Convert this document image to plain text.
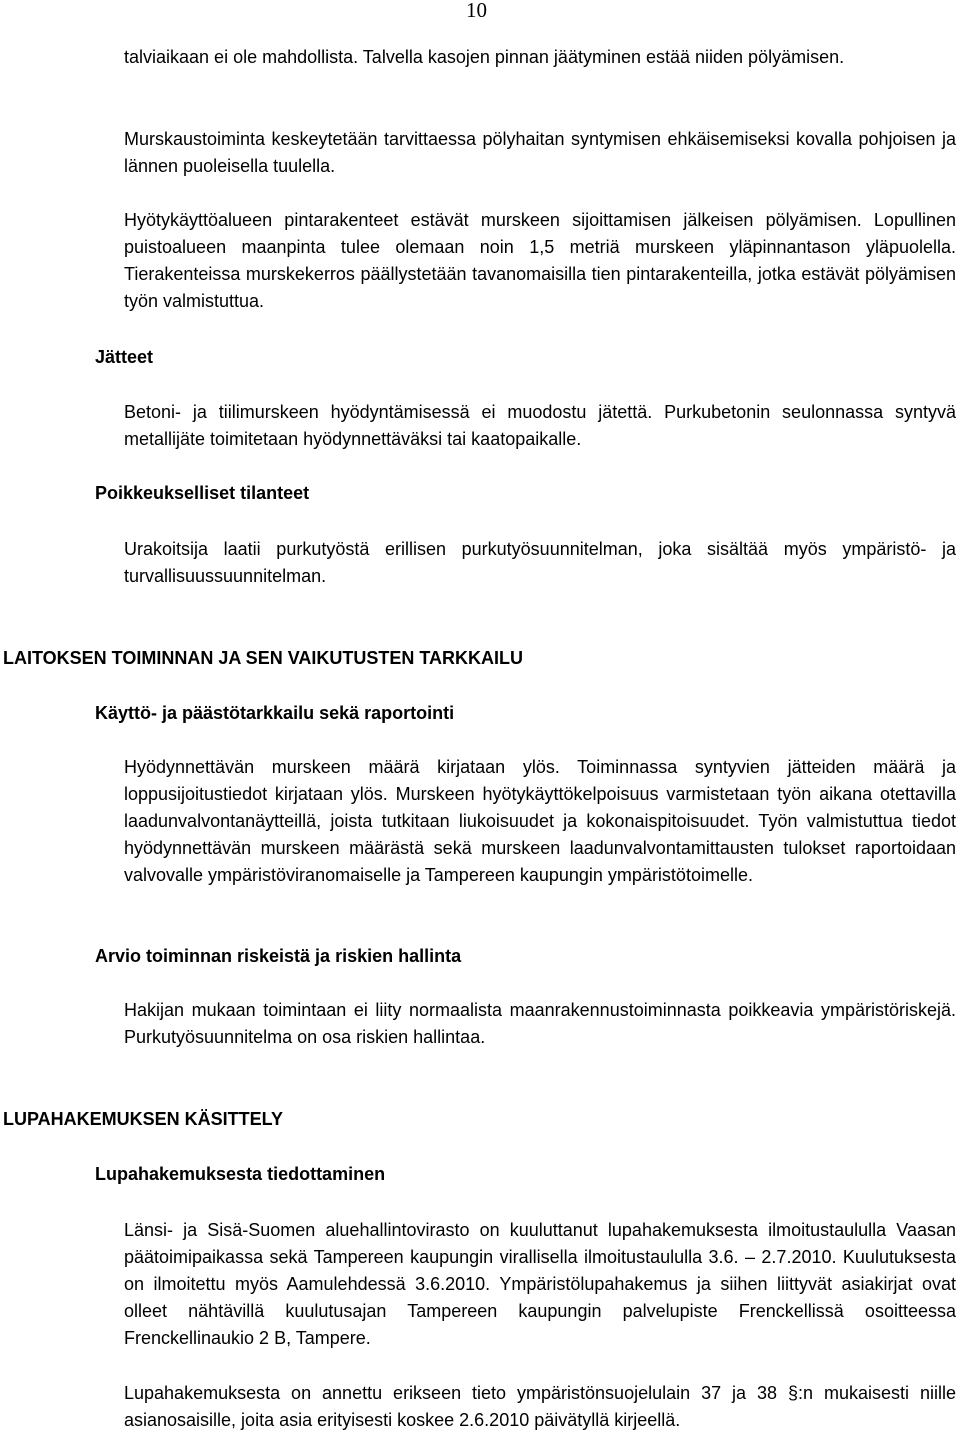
10

talviaikaan ei ole mahdollista. Talvella kasojen pinnan jäätyminen estää niiden pölyämisen.

Murskaustoiminta keskeytetään tarvittaessa pölyhaitan syntymisen ehkäisemiseksi kovalla pohjoisen ja lännen puoleisella tuulella.

Hyötykäyttöalueen pintarakenteet estävät murskeen sijoittamisen jälkeisen pölyämisen. Lopullinen puistoalueen maanpinta tulee olemaan noin 1,5 metriä murskeen yläpinnantason yläpuolella. Tierakenteissa murskekerros päällystetään tavanomaisilla tien pintarakenteilla, jotka estävät pölyämisen työn valmistuttua.

Jätteet

Betoni- ja tiilimurskeen hyödyntämisessä ei muodostu jätettä. Purkubetonin seulonnassa syntyvä metallijäte toimitetaan hyödynnettäväksi tai kaatopaikalle.

Poikkeukselliset tilanteet

Urakoitsija laatii purkutyöstä erillisen purkutyösuunnitelman, joka sisältää myös ympäristö- ja turvallisuussuunnitelman.

LAITOKSEN TOIMINNAN JA SEN VAIKUTUSTEN TARKKAILU
Käyttö- ja päästötarkkailu sekä raportointi

Hyödynnettävän murskeen määrä kirjataan ylös. Toiminnassa syntyvien jätteiden määrä ja loppusijoitustiedot kirjataan ylös. Murskeen hyötykäyttökelpoisuus varmistetaan työn aikana otettavilla laadunvalvontanäytteillä, joista tutkitaan liukoisuudet ja kokonaispitoisuudet. Työn valmistuttua tiedot hyödynnettävän murskeen määrästä sekä murskeen laadunvalvontamittausten tulokset raportoidaan valvovalle ympäristöviranomaiselle ja Tampereen kaupungin ympäristötoimelle.

Arvio toiminnan riskeistä ja riskien hallinta

Hakijan mukaan toimintaan ei liity normaalista maanrakennustoiminnasta poikkeavia ympäristöriskejä. Purkutyösuunnitelma on osa riskien hallintaa.

LUPAHAKEMUKSEN KÄSITTELY
Lupahakemuksesta tiedottaminen

Länsi- ja Sisä-Suomen aluehallintovirasto on kuuluttanut lupahakemuksesta ilmoitustaululla Vaasan päätoimipaikassa sekä Tampereen kaupungin virallisella ilmoitustaululla 3.6. – 2.7.2010. Kuulutuksesta on ilmoitettu myös Aamulehdessä 3.6.2010. Ympäristölupahakemus ja siihen liittyvät asiakirjat ovat olleet nähtävillä kuulutusajan Tampereen kaupungin palvelupiste Frenckellissä osoitteessa Frenckellinaukio 2 B, Tampere.

Lupahakemuksesta on annettu erikseen tieto ympäristönsuojelulain 37 ja 38 §:n mukaisesti niille asianosaisille, joita asia erityisesti koskee 2.6.2010 päivätyllä kirjeellä.
